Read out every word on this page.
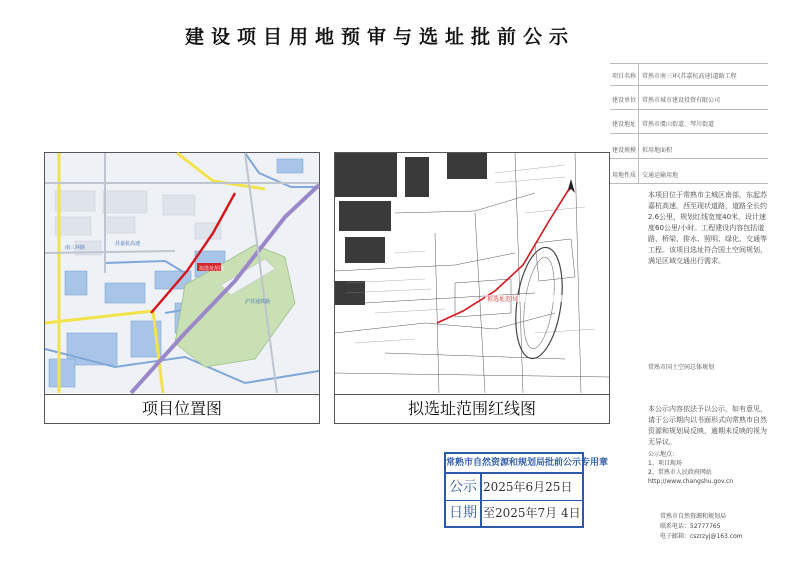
建设项目用地预审与选址批前公示
拟选址范围
南三环路
沪苏通铁路
苏嘉杭高速
项目位置图
拟选址范围
拟选址范围红线图
项目名称 常熟市南三环(苏嘉杭高速)道路工程
建设单位 常熟市城市建设投资有限公司
建设地址 常熟市虞山街道、琴川街道
建设规模 拟用地面积
用地性质 交通运输用地
本项目位于常熟市主城区南部，东起苏嘉杭高速，西至现状道路，道路全长约2.6公里，规划红线宽度40米，设计速度60公里/小时。工程建设内容包括道路、桥梁、排水、照明、绿化、交通等工程。该项目选址符合国土空间规划，满足区域交通出行需求。
常熟市国土空间总体规划
本公示内容依法予以公示，如有意见，请于公示期内以书面形式向常熟市自然资源和规划局反映，逾期未反映的视为无异议。
公示地点：
1、项目现场
2、常熟市人民政府网站
http://www.changshu.gov.cn
常熟市自然资源和规划局
联系电话：52777765
电子邮箱：cszrzyj@163.com
常熟市自然资源和规划局批前公示专用章
公示 2025年6月25日
日期 至2025年7月 4日
